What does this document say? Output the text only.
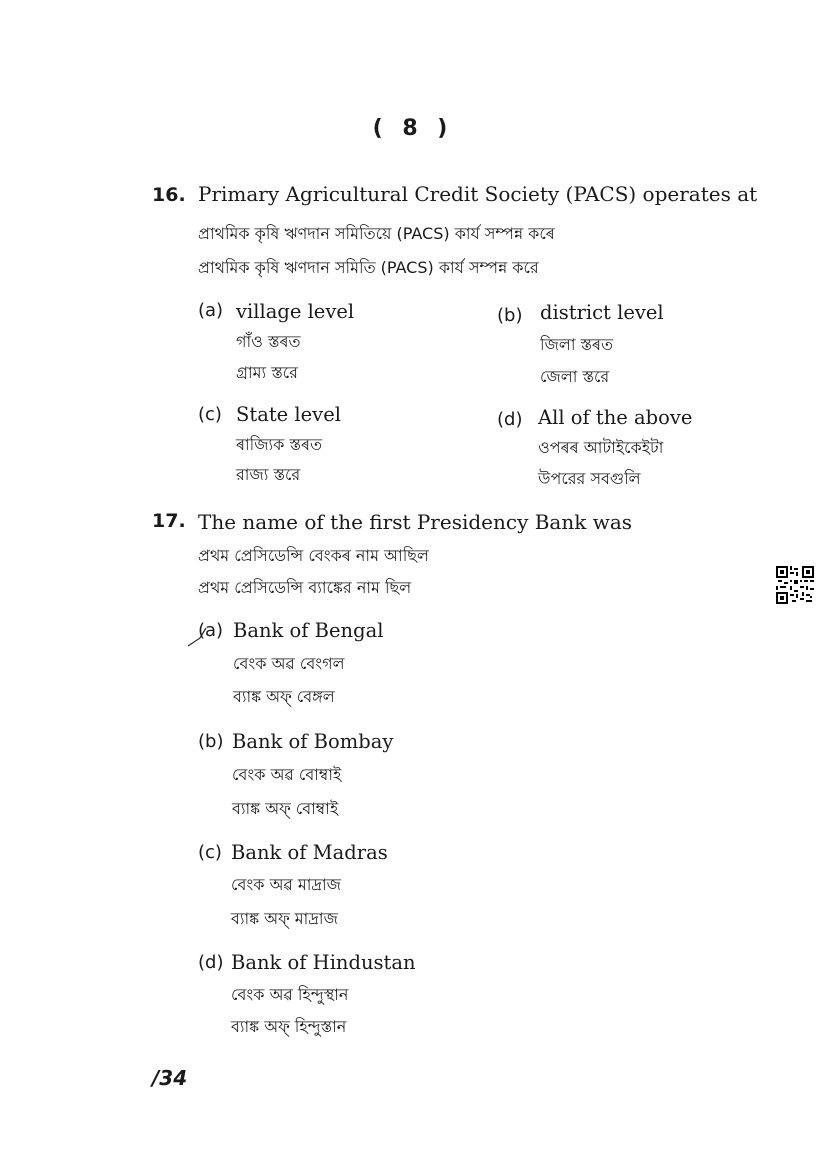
( 8 )
16. Primary Agricultural Credit Society (PACS) operates at
প্ৰাথমিক কৃষি ঋণদান সমিতিয়ে (PACS) কাৰ্য সম্পন্ন কৰে
প্রাথমিক কৃষি ঋণদান সমিতি (PACS) কার্য সম্পন্ন করে
(a) village level
গাঁও স্তৰত
গ্রাম্য স্তরে
(b) district level
জিলা স্তৰত
জেলা স্তরে
(c) State level
ৰাজ্যিক স্তৰত
রাজ্য স্তরে
(d) All of the above
ওপৰৰ আটাইকেইটা
উপরের সবগুলি
17. The name of the first Presidency Bank was
প্ৰথম প্ৰেসিডেন্সি বেংকৰ নাম আছিল
প্রথম প্রেসিডেন্সি ব্যাঙ্কের নাম ছিল
(a) Bank of Bengal
বেংক অৱ বেংগল
ব্যাঙ্ক অফ্ বেঙ্গল
(b) Bank of Bombay
বেংক অৱ বোম্বাই
ব্যাঙ্ক অফ্ বোম্বাই
(c) Bank of Madras
বেংক অৱ মাদ্ৰাজ
ব্যাঙ্ক অফ্ মাদ্রাজ
(d) Bank of Hindustan
বেংক অৱ হিন্দুস্থান
ব্যাঙ্ক অফ্ হিন্দুস্তান
/34
